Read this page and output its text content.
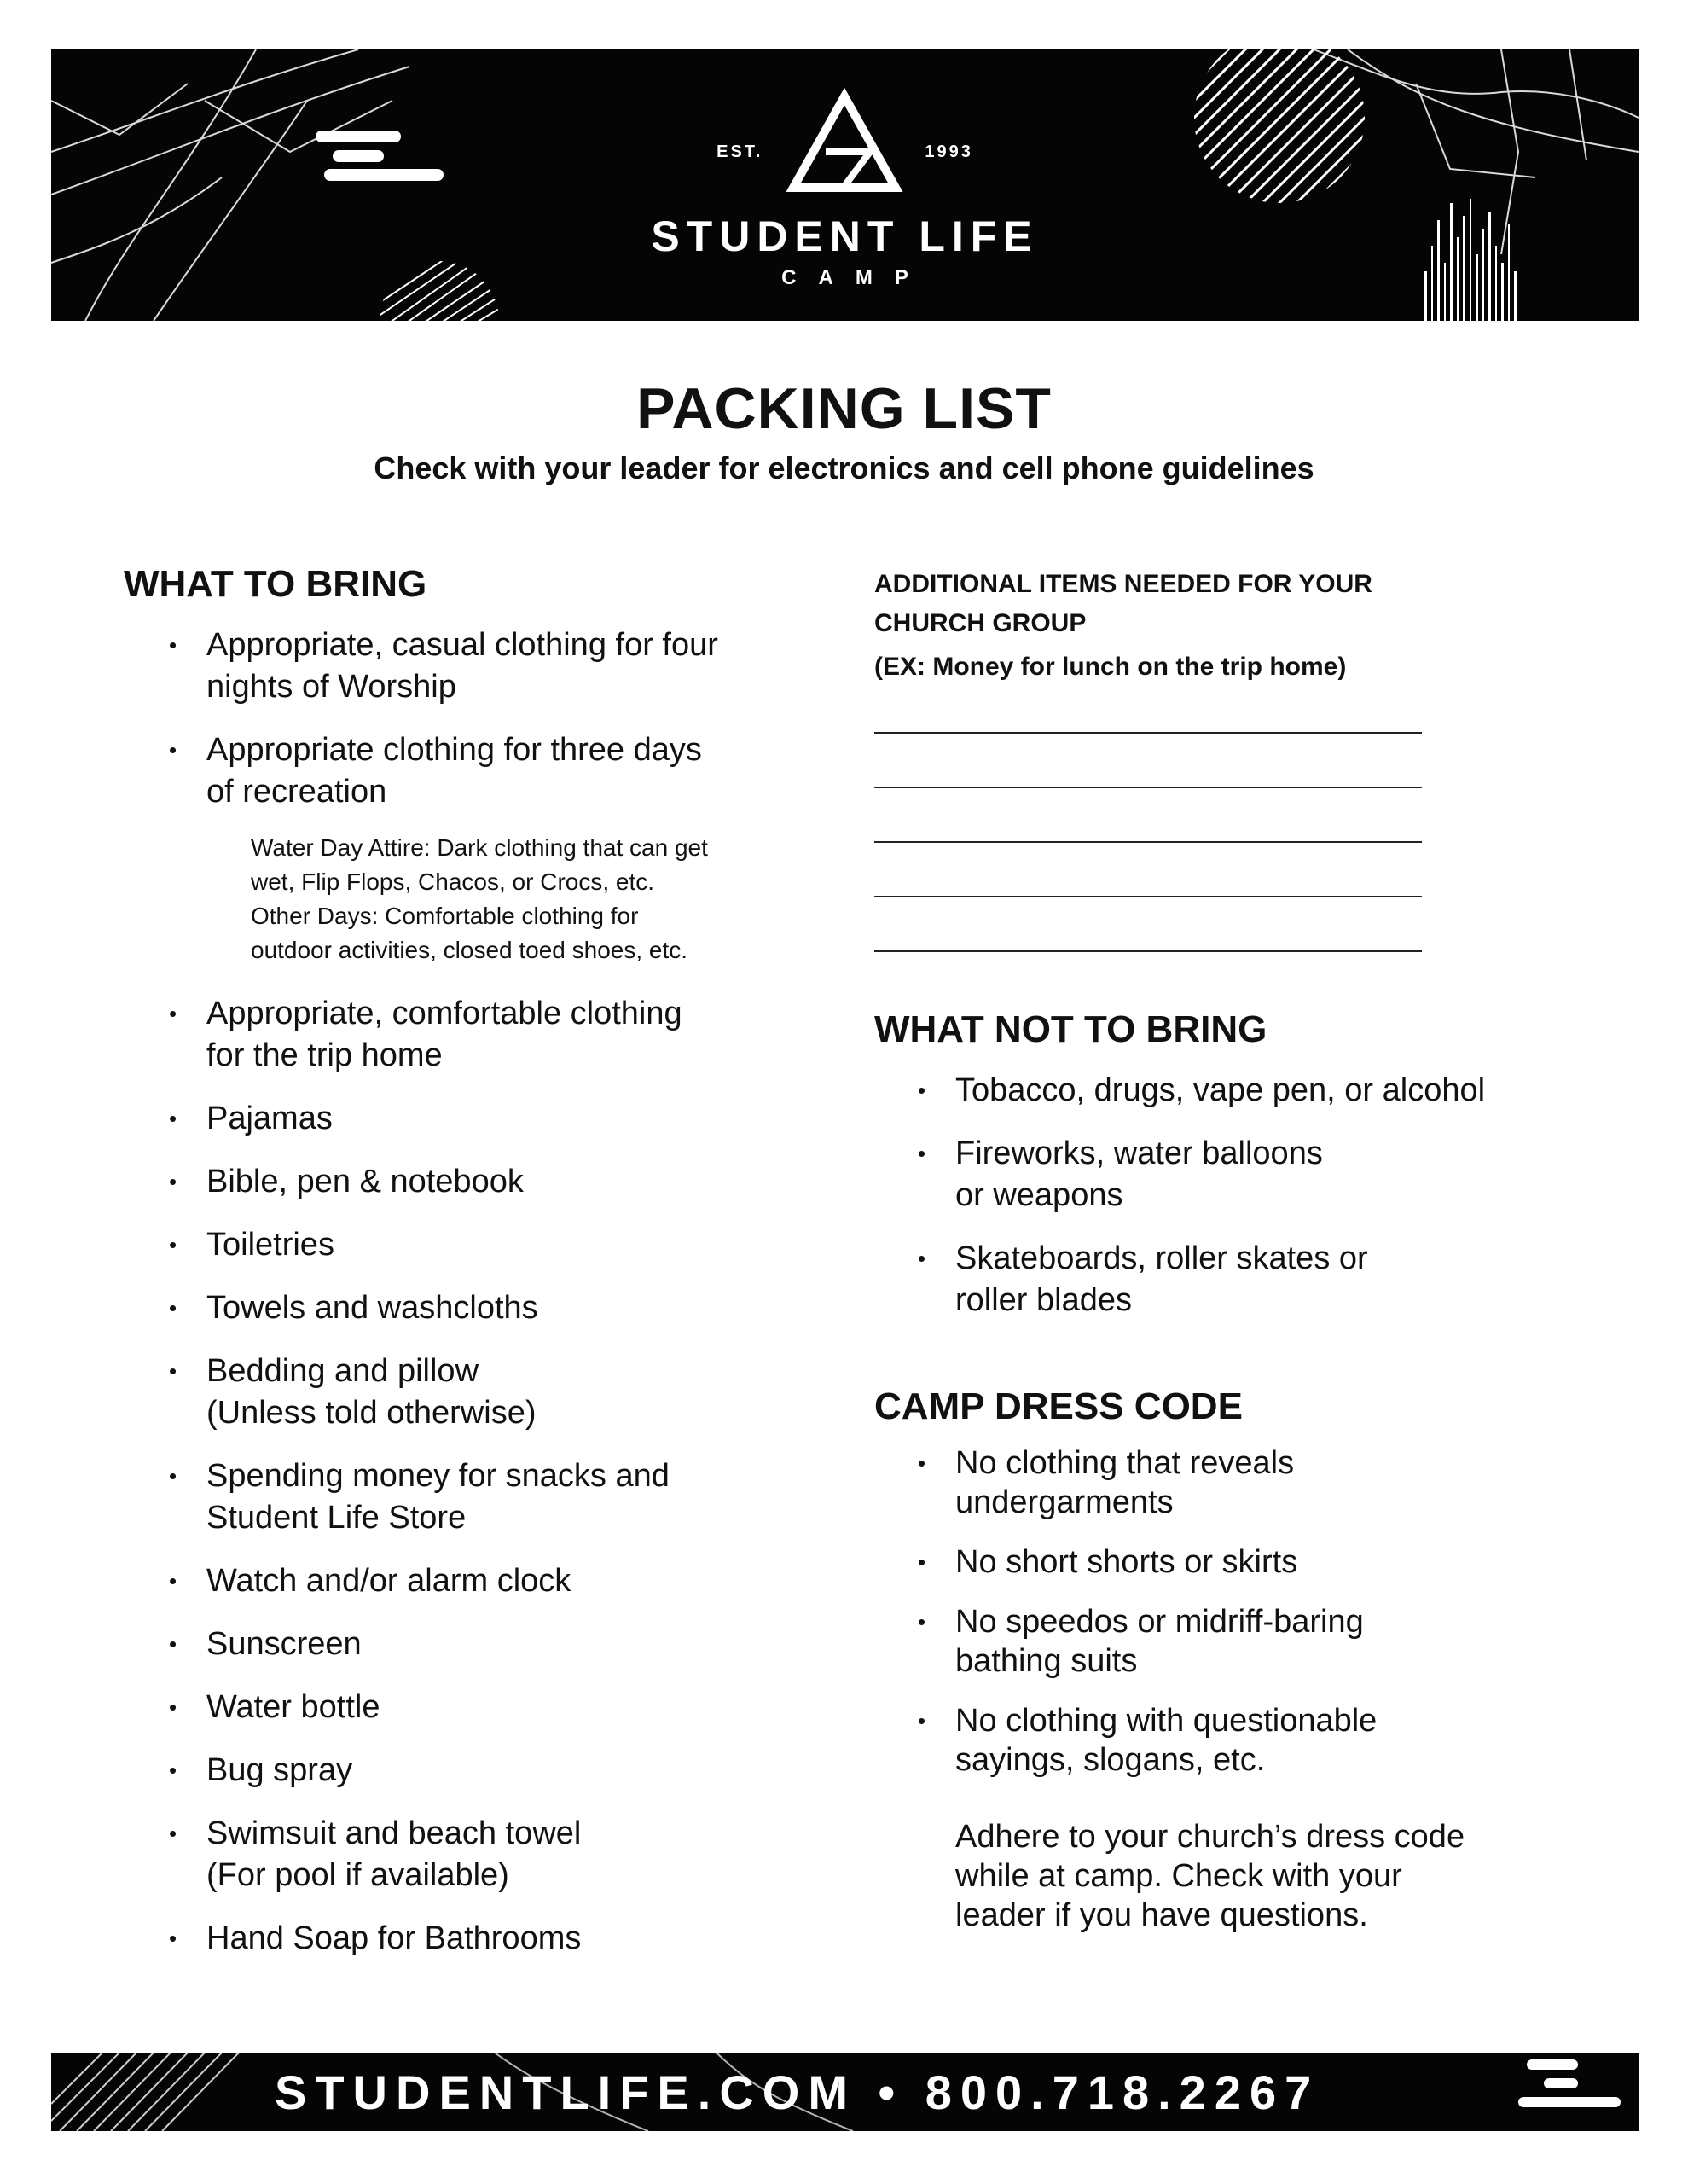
EST.	1993
STUDENT LIFE
CAMP
PACKING LIST
Check with your leader for electronics and cell phone guidelines
WHAT TO BRING
• Appropriate, casual clothing for four
nights of Worship
• Appropriate clothing for three days
of recreation
Water Day Attire: Dark clothing that can get
wet, Flip Flops, Chacos, or Crocs, etc.
Other Days: Comfortable clothing for
outdoor activities, closed toed shoes, etc.
• Appropriate, comfortable clothing
for the trip home
• Pajamas
• Bible, pen & notebook
• Toiletries
• Towels and washcloths
• Bedding and pillow
(Unless told otherwise)
• Spending money for snacks and
Student Life Store
• Watch and/or alarm clock
• Sunscreen
• Water bottle
• Bug spray
• Swimsuit and beach towel
(For pool if available)
• Hand Soap for Bathrooms
ADDITIONAL ITEMS NEEDED FOR YOUR
CHURCH GROUP
(EX: Money for lunch on the trip home)
WHAT NOT TO BRING
• Tobacco, drugs, vape pen, or alcohol
• Fireworks, water balloons
or weapons
• Skateboards, roller skates or
roller blades
CAMP DRESS CODE
• No clothing that reveals
undergarments
• No short shorts or skirts
• No speedos or midriff-baring
bathing suits
• No clothing with questionable
sayings, slogans, etc.
Adhere to your church’s dress code
while at camp. Check with your
leader if you have questions.
STUDENTLIFE.COM • 800.718.2267
